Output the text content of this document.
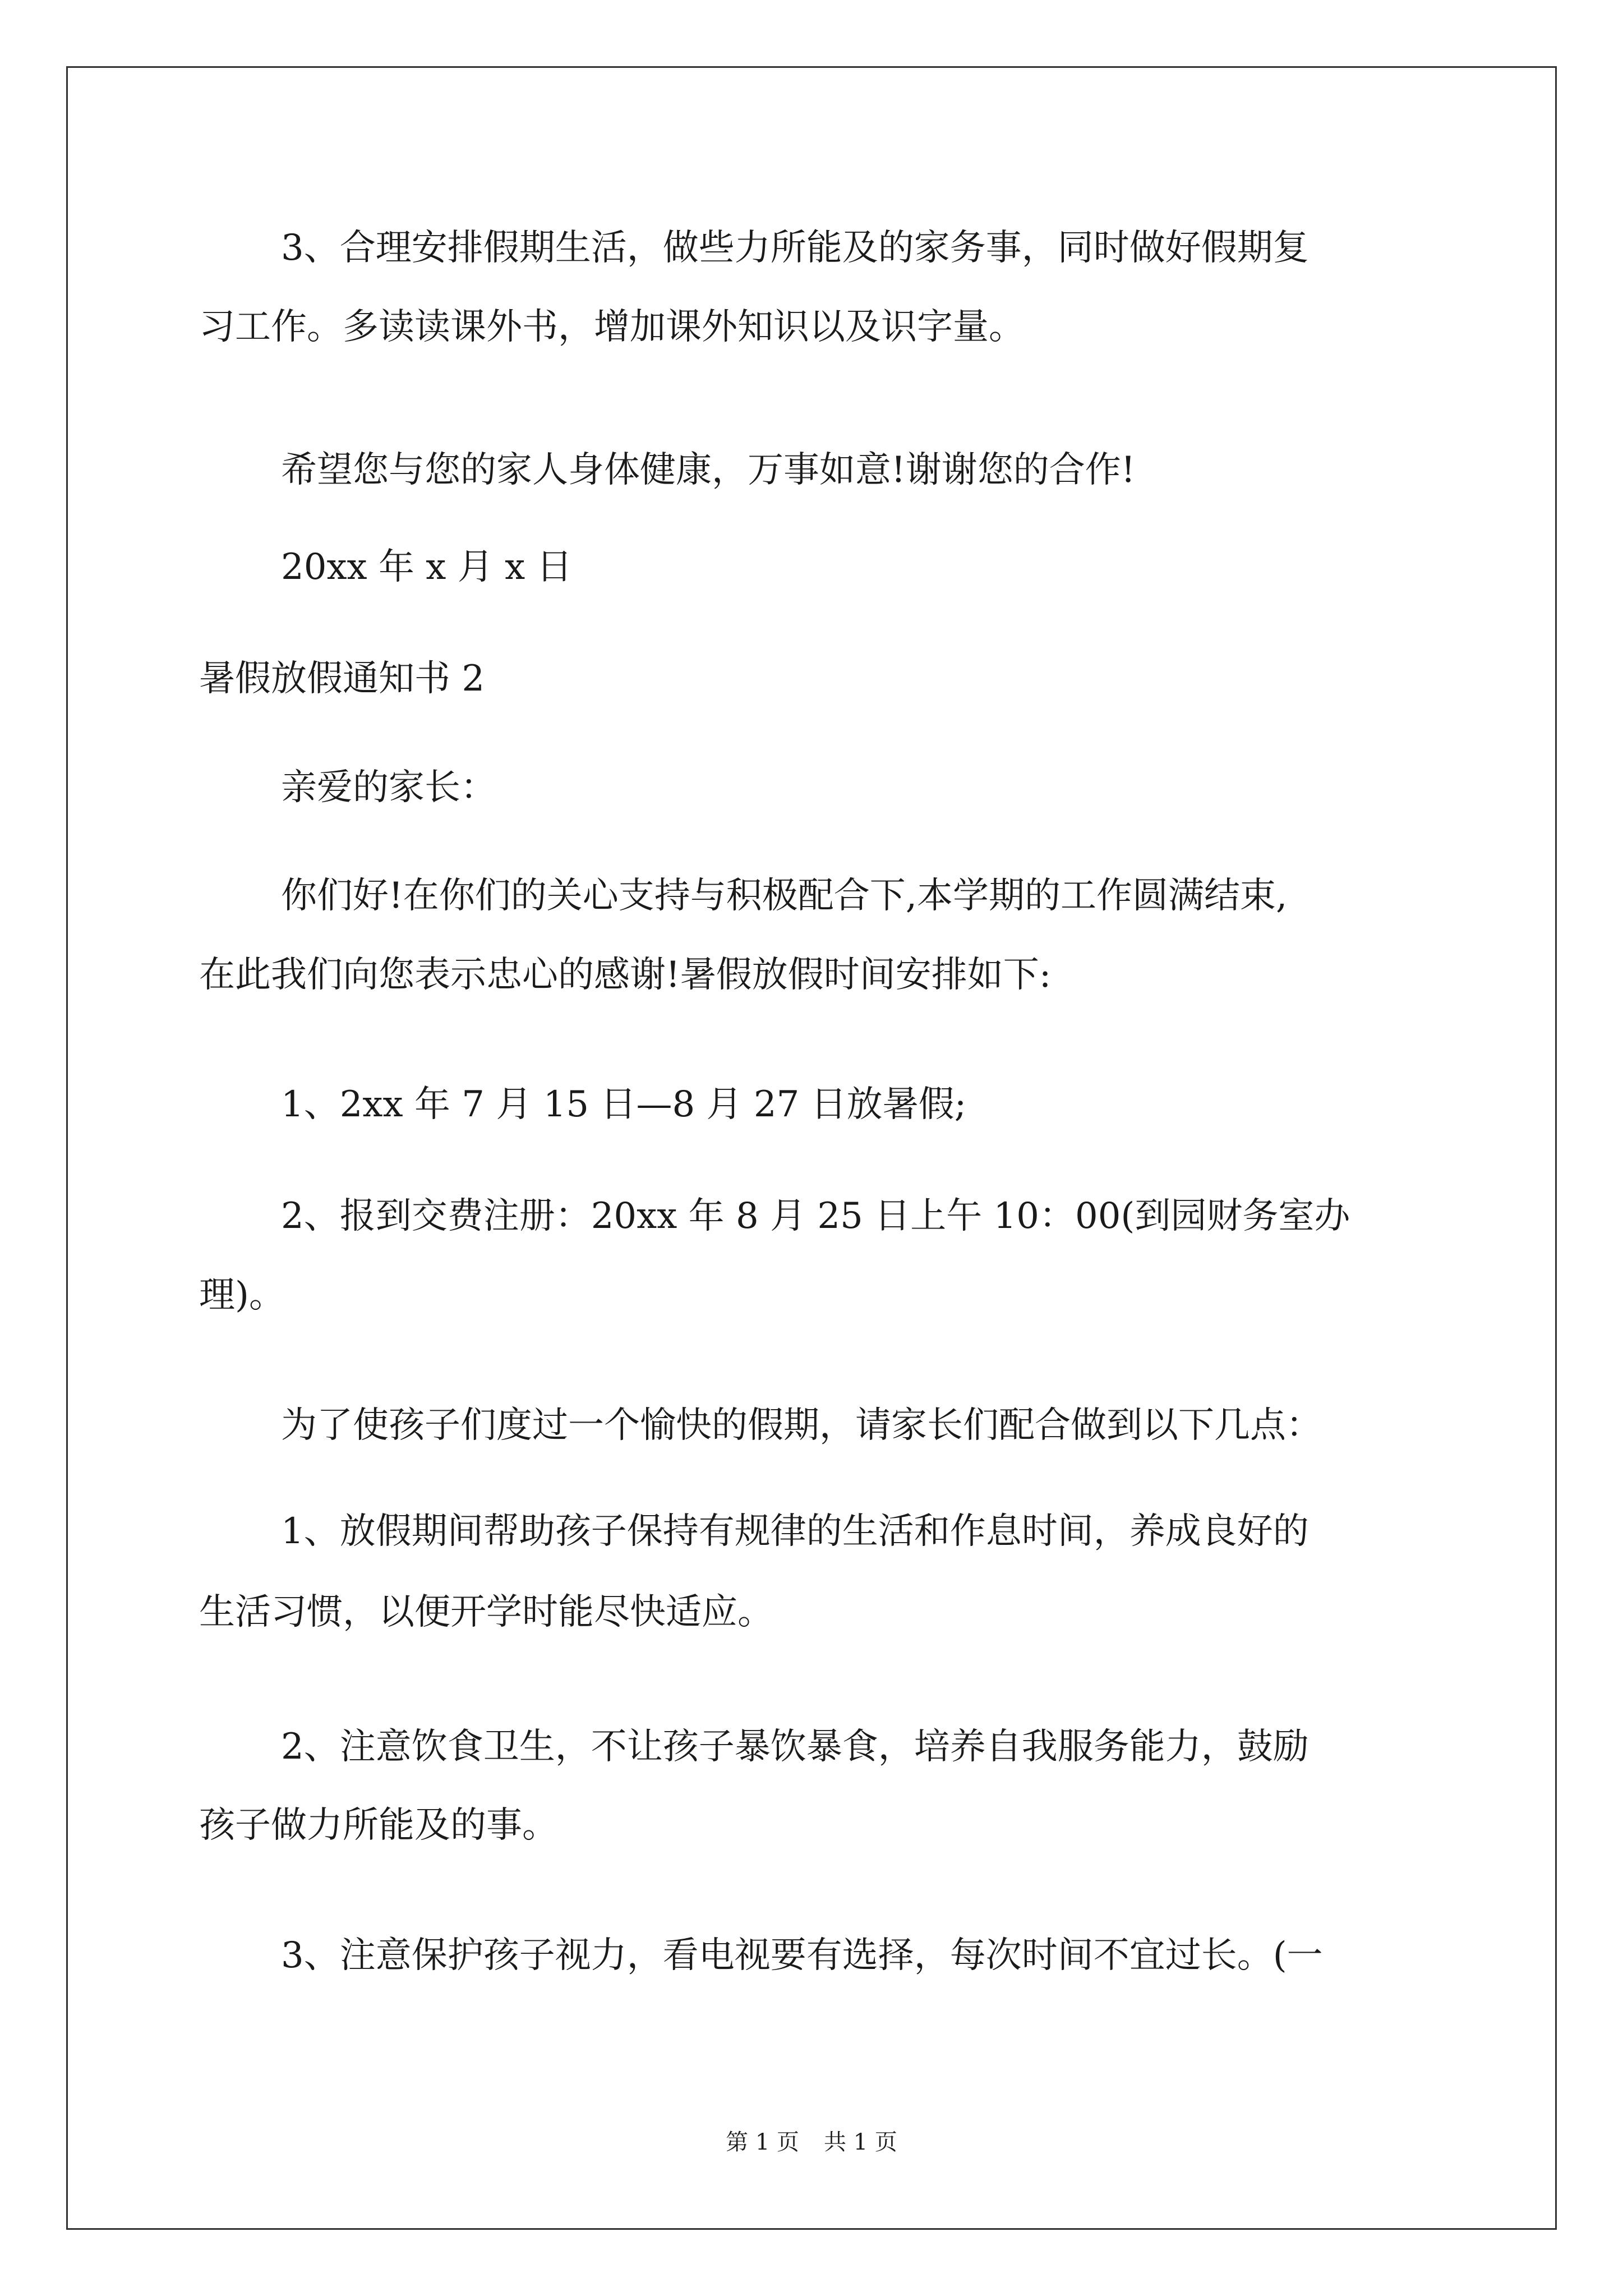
3、合理安排假期生活，做些力所能及的家务事，同时做好假期复
习工作。多读读课外书，增加课外知识以及识字量。
希望您与您的家人身体健康，万事如意!谢谢您的合作!
20xx 年 x 月 x 日
暑假放假通知书 2
亲爱的家长：
你们好!在你们的关心支持与积极配合下,本学期的工作圆满结束,
在此我们向您表示忠心的感谢!暑假放假时间安排如下:
1、2xx 年 7 月 15 日—8 月 27 日放暑假;
2、报到交费注册：20xx 年 8 月 25 日上午 10：00(到园财务室办
理)。
为了使孩子们度过一个愉快的假期，请家长们配合做到以下几点：
1、放假期间帮助孩子保持有规律的生活和作息时间，养成良好的
生活习惯，以便开学时能尽快适应。
2、注意饮食卫生，不让孩子暴饮暴食，培养自我服务能力，鼓励
孩子做力所能及的事。
3、注意保护孩子视力，看电视要有选择，每次时间不宜过长。(一
第 1 页 共 1 页
